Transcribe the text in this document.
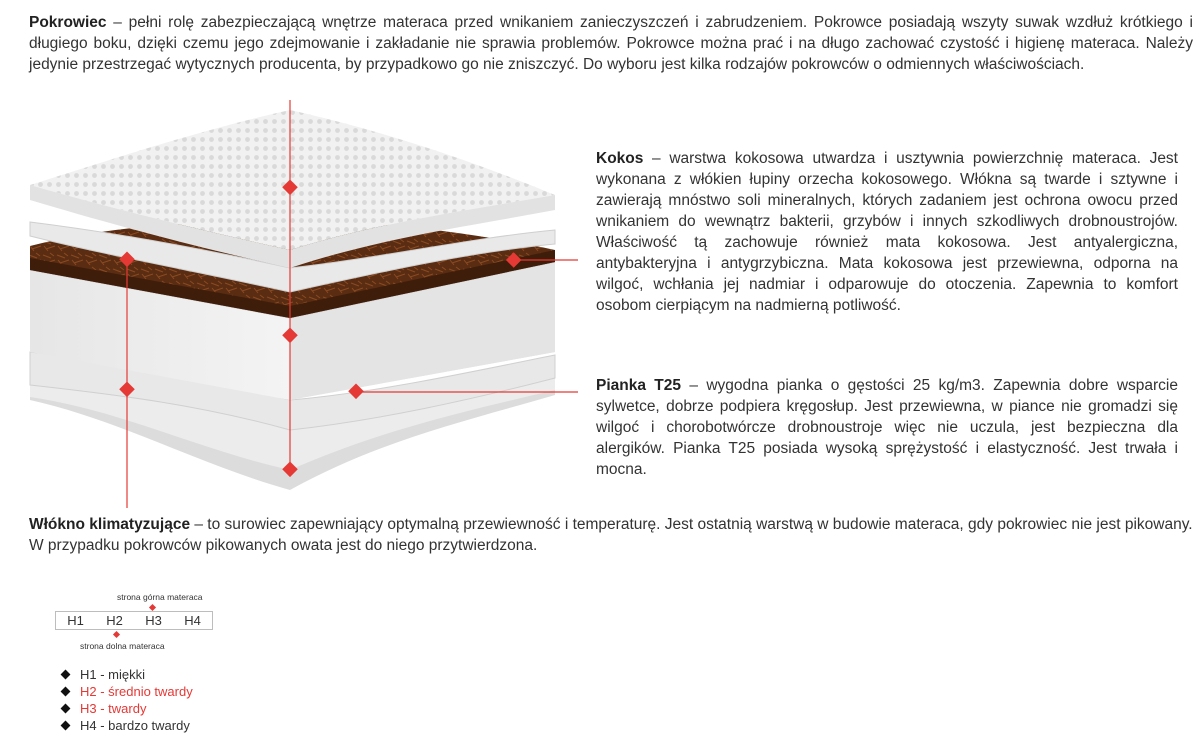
Pokrowiec – pełni rolę zabezpieczającą wnętrze materaca przed wnikaniem zanieczyszczeń i zabrudzeniem. Pokrowce posiadają wszyty suwak wzdłuż krótkiego i długiego boku, dzięki czemu jego zdejmowanie i zakładanie nie sprawia problemów. Pokrowce można prać i na długo zachować czystość i higienę materaca. Należy jedynie przestrzegać wytycznych producenta, by przypadkowo go nie zniszczyć. Do wyboru jest kilka rodzajów pokrowców o odmiennych właściwościach.

Kokos – warstwa kokosowa utwardza i usztywnia powierzchnię materaca. Jest wykonana z włókien łupiny orzecha kokosowego. Włókna są twarde i sztywne i zawierają mnóstwo soli mineralnych, których zadaniem jest ochrona owocu przed wnikaniem do wewnątrz bakterii, grzybów i innych szkodliwych drobnoustrojów. Właściwość tą zachowuje również mata kokosowa. Jest antyalergiczna, antybakteryjna i antygrzybiczna. Mata kokosowa jest przewiewna, odporna na wilgoć, wchłania jej nadmiar i odparowuje do otoczenia. Zapewnia to komfort osobom cierpiącym na nadmierną potliwość.

Pianka T25 – wygodna pianka o gęstości 25 kg/m3. Zapewnia dobre wsparcie sylwetce, dobrze podpiera kręgosłup. Jest przewiewna, w piance nie gromadzi się wilgoć i chorobotwórcze drobnoustroje więc nie uczula, jest bezpieczna dla alergików. Pianka T25 posiada wysoką sprężystość i elastyczność. Jest trwała i mocna.

Włókno klimatyzujące – to surowiec zapewniający optymalną przewiewność i temperaturę. Jest ostatnią warstwą w budowie materaca, gdy pokrowiec nie jest pikowany. W przypadku pokrowców pikowanych owata jest do niego przytwierdzona.

strona górna materaca
H1	H2	H3	H4
strona dolna materaca
H1 - miękki
H2 - średnio twardy
H3 - twardy
H4 - bardzo twardy
